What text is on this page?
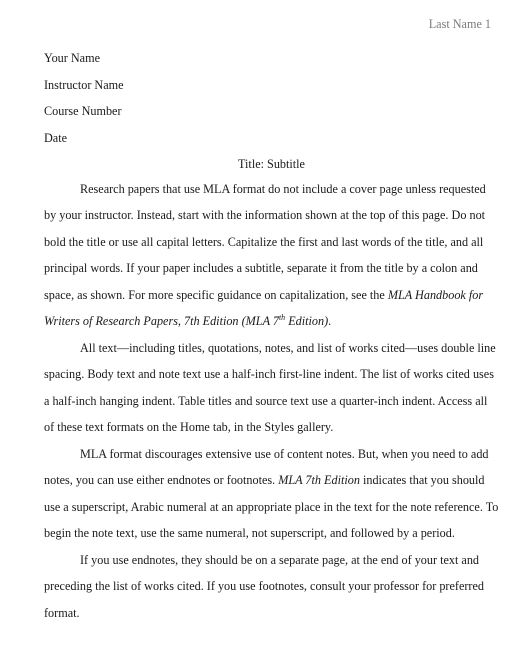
Last Name 1
Your Name
Instructor Name
Course Number
Date
Title: Subtitle

Research papers that use MLA format do not include a cover page unless requested by your instructor. Instead, start with the information shown at the top of this page. Do not bold the title or use all capital letters. Capitalize the first and last words of the title, and all principal words. If your paper includes a subtitle, separate it from the title by a colon and space, as shown. For more specific guidance on capitalization, see the MLA Handbook for Writers of Research Papers, 7th Edition (MLA 7th Edition).

All text—including titles, quotations, notes, and list of works cited—uses double line spacing. Body text and note text use a half-inch first-line indent. The list of works cited uses a half-inch hanging indent. Table titles and source text use a quarter-inch indent. Access all of these text formats on the Home tab, in the Styles gallery.

MLA format discourages extensive use of content notes. But, when you need to add notes, you can use either endnotes or footnotes. MLA 7th Edition indicates that you should use a superscript, Arabic numeral at an appropriate place in the text for the note reference. To begin the note text, use the same numeral, not superscript, and followed by a period.

If you use endnotes, they should be on a separate page, at the end of your text and preceding the list of works cited. If you use footnotes, consult your professor for preferred format.
